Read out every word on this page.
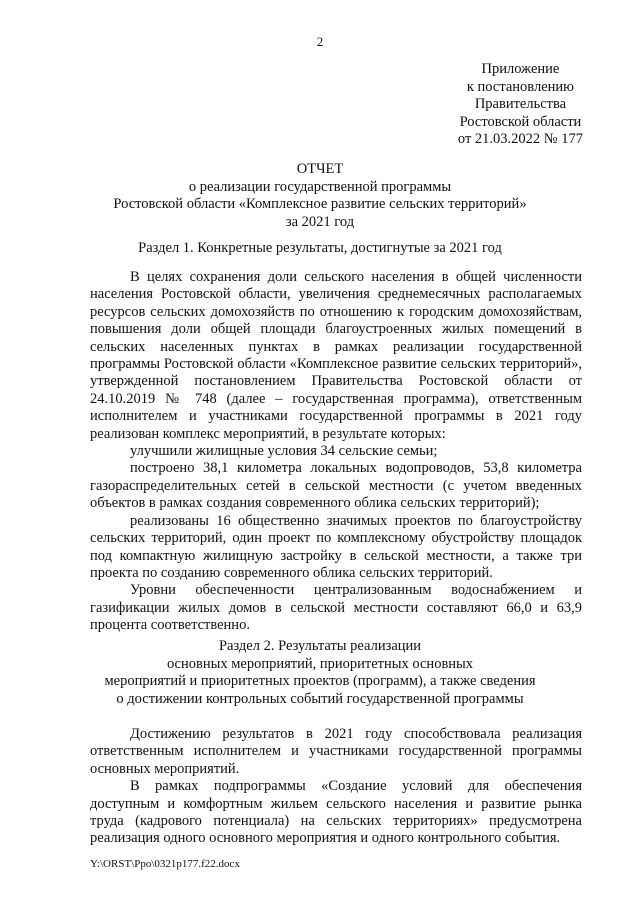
2
Приложение
к постановлению
Правительства
Ростовской области
от 21.03.2022 № 177
ОТЧЕТ
о реализации государственной программы
Ростовской области «Комплексное развитие сельских территорий»
за 2021 год
Раздел 1. Конкретные результаты, достигнутые за 2021 год

В целях сохранения доли сельского населения в общей численности населения Ростовской области, увеличения среднемесячных располагаемых ресурсов сельских домохозяйств по отношению к городским домохозяйствам, повышения доли общей площади благоустроенных жилых помещений в сельских населенных пунктах в рамках реализации государственной программы Ростовской области «Комплексное развитие сельских территорий», утвержденной постановлением Правительства Ростовской области от 24.10.2019 № 748 (далее – государственная программа), ответственным исполнителем и участниками государственной программы в 2021 году реализован комплекс мероприятий, в результате которых:

улучшили жилищные условия 34 сельские семьи;

построено 38,1 километра локальных водопроводов, 53,8 километра газораспределительных сетей в сельской местности (с учетом введенных объектов в рамках создания современного облика сельских территорий);

реализованы 16 общественно значимых проектов по благоустройству сельских территорий, один проект по комплексному обустройству площадок под компактную жилищную застройку в сельской местности, а также три проекта по созданию современного облика сельских территорий.

Уровни обеспеченности централизованным водоснабжением и газификации жилых домов в сельской местности составляют 66,0 и 63,9 процента соответственно.

Раздел 2. Результаты реализации
основных мероприятий, приоритетных основных
мероприятий и приоритетных проектов (программ), а также сведения
о достижении контрольных событий государственной программы

Достижению результатов в 2021 году способствовала реализация ответственным исполнителем и участниками государственной программы основных мероприятий.

В рамках подпрограммы «Создание условий для обеспечения доступным и комфортным жильем сельского населения и развитие рынка труда (кадрового потенциала) на сельских территориях» предусмотрена реализация одного основного мероприятия и одного контрольного события.

Y:\ORST\Ppo\0321p177.f22.docx
